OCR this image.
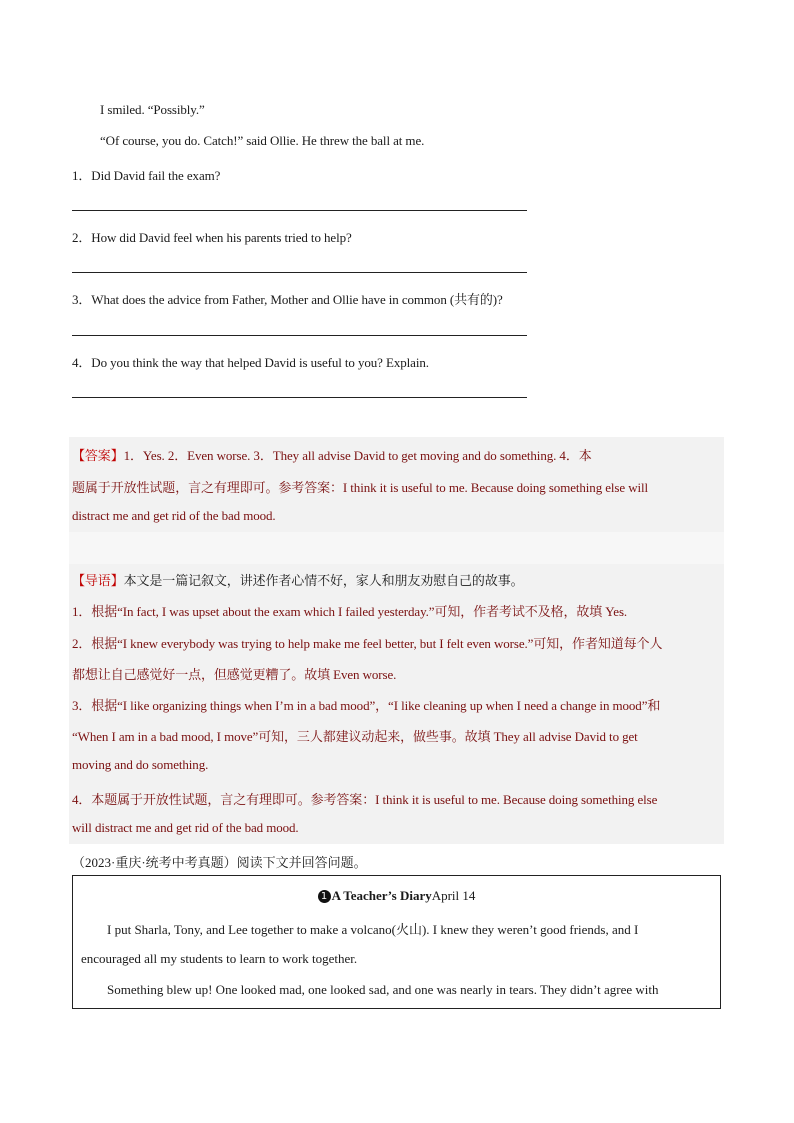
I smiled. “Possibly.”
“Of course, you do. Catch!” said Ollie. He threw the ball at me.
1．Did David fail the exam?
2．How did David feel when his parents tried to help?
3．What does the advice from Father, Mother and Ollie have in common (共有的)?
4．Do you think the way that helped David is useful to you? Explain.
【答案】1．Yes. 2．Even worse. 3．They all advise David to get moving and do something. 4．本
题属于开放性试题，言之有理即可。参考答案：I think it is useful to me. Because doing something else will
distract me and get rid of the bad mood.
【导语】本文是一篇记叙文，讲述作者心情不好，家人和朋友劝慰自己的故事。
1．根据“In fact, I was upset about the exam which I failed yesterday.”可知，作者考试不及格，故填 Yes.
2．根据“I knew everybody was trying to help make me feel better, but I felt even worse.”可知，作者知道每个人
都想让自己感觉好一点，但感觉更糟了。故填 Even worse.
3．根据“I like organizing things when I’m in a bad mood”，“I like cleaning up when I need a change in mood”和
“When I am in a bad mood, I move”可知，三人都建议动起来，做些事。故填 They all advise David to get
moving and do something.
4．本题属于开放性试题，言之有理即可。参考答案：I think it is useful to me. Because doing something else
will distract me and get rid of the bad mood.
（2023·重庆·统考中考真题）阅读下文并回答问题。
1 A Teacher’s DiaryApril 14
I put Sharla, Tony, and Lee together to make a volcano(火山). I knew they weren’t good friends, and I
encouraged all my students to learn to work together.
Something blew up! One looked mad, one looked sad, and one was nearly in tears. They didn’t agree with
